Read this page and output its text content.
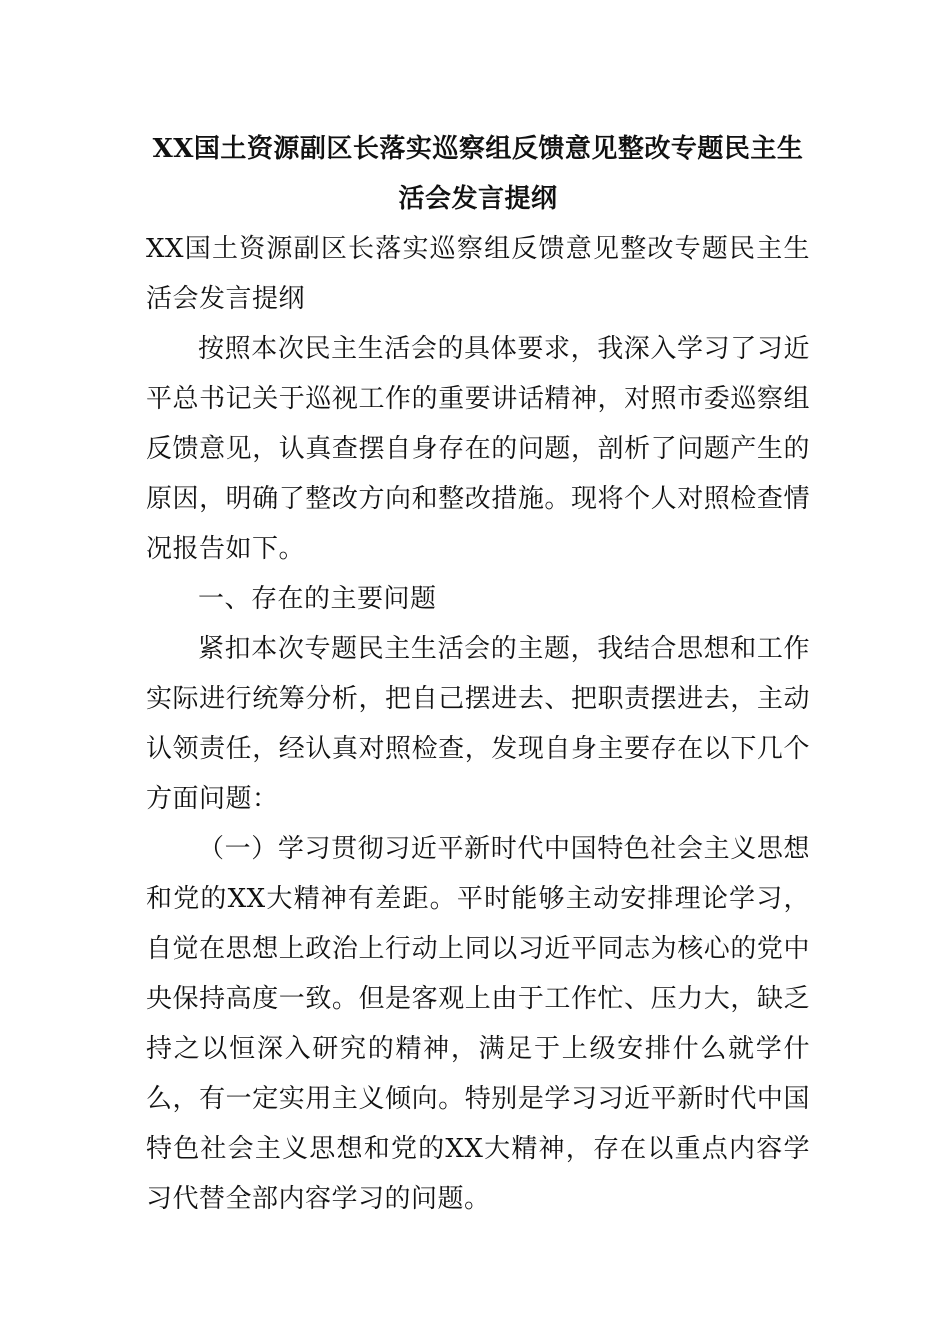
XX国土资源副区长落实巡察组反馈意见整改专题民主生活会发言提纲

XX国土资源副区长落实巡察组反馈意见整改专题民主生活会发言提纲

按照本次民主生活会的具体要求，我深入学习了习近平总书记关于巡视工作的重要讲话精神，对照市委巡察组反馈意见，认真查摆自身存在的问题，剖析了问题产生的原因，明确了整改方向和整改措施。现将个人对照检查情况报告如下。

一、存在的主要问题

紧扣本次专题民主生活会的主题，我结合思想和工作实际进行统筹分析，把自己摆进去、把职责摆进去，主动认领责任，经认真对照检查，发现自身主要存在以下几个方面问题：

（一）学习贯彻习近平新时代中国特色社会主义思想和党的XX大精神有差距。平时能够主动安排理论学习，自觉在思想上政治上行动上同以习近平同志为核心的党中央保持高度一致。但是客观上由于工作忙、压力大，缺乏持之以恒深入研究的精神，满足于上级安排什么就学什么，有一定实用主义倾向。特别是学习习近平新时代中国特色社会主义思想和党的XX大精神，存在以重点内容学习代替全部内容学习的问题。
